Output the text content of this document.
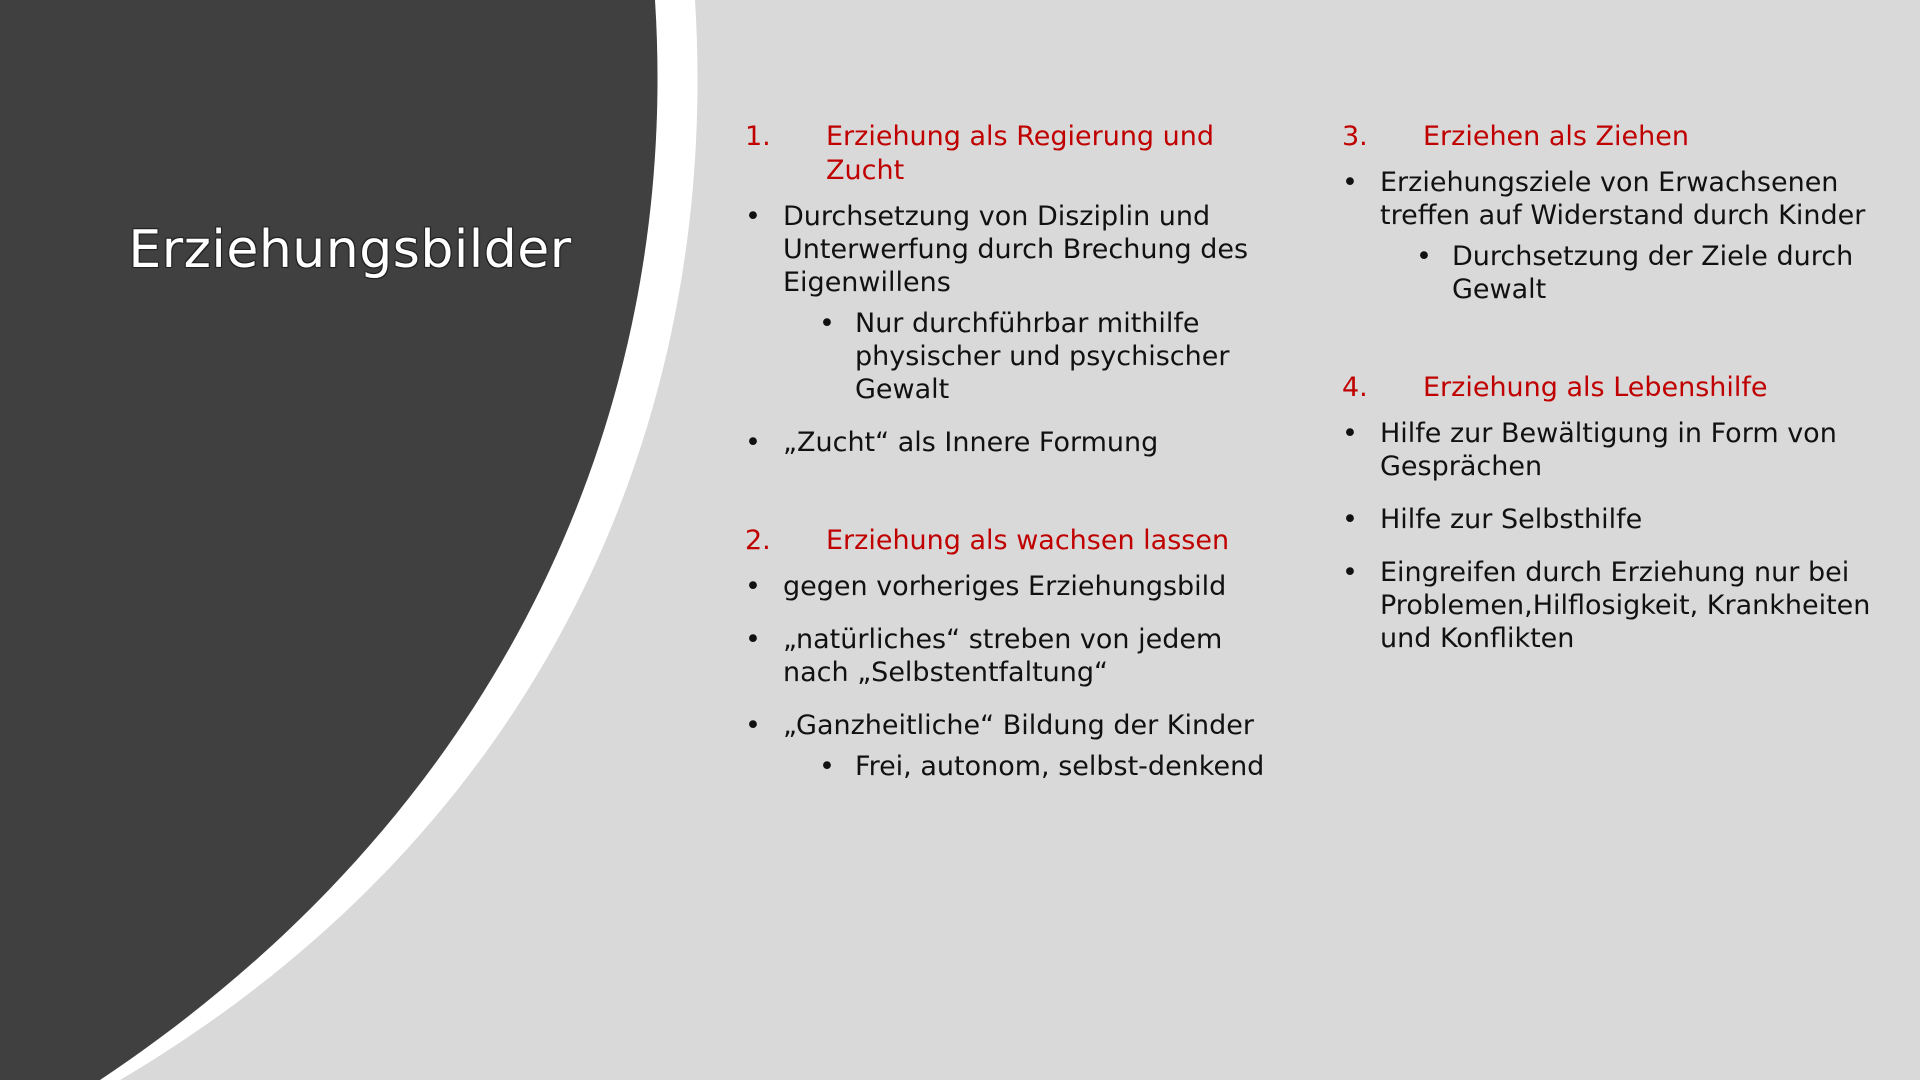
Erziehungsbilder
1.	Erziehung als Regierung und Zucht
• Durchsetzung von Disziplin und Unterwerfung durch Brechung des Eigenwillens
• Nur durchführbar mithilfe physischer und psychischer Gewalt
• „Zucht“ als Innere Formung
2.	Erziehung als wachsen lassen
• gegen vorheriges Erziehungsbild
• „natürliches“ streben von jedem nach „Selbstentfaltung“
• „Ganzheitliche“ Bildung der Kinder
• Frei, autonom, selbst-denkend
3.	Erziehen als Ziehen
• Erziehungsziele von Erwachsenen treffen auf Widerstand durch Kinder
• Durchsetzung der Ziele durch Gewalt
4.	Erziehung als Lebenshilfe
• Hilfe zur Bewältigung in Form von Gesprächen
• Hilfe zur Selbsthilfe
• Eingreifen durch Erziehung nur bei Problemen,Hilflosigkeit, Krankheiten und Konflikten
